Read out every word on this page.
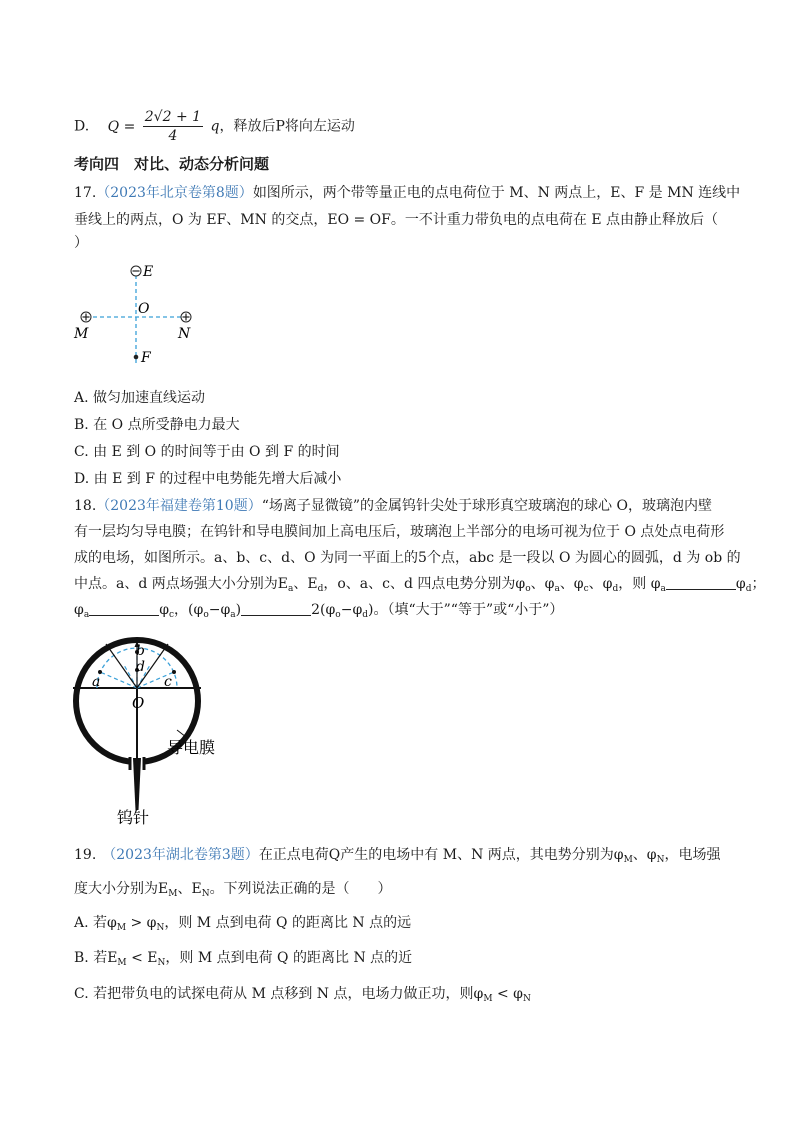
D. $Q = \frac{2√2 + 1}{4}$ q，释放后P将向左运动
考向四　对比、动态分析问题
17.（2023年北京卷第8题）如图所示，两个带等量正电的点电荷位于 M、N 两点上，E、F 是 MN 连线中
垂线上的两点，O 为 EF、MN 的交点，EO = OF。一不计重力带负电的点电荷在 E 点由静止释放后（
）
E
O
M	N
F
A. 做匀加速直线运动
B. 在 O 点所受静电力最大
C. 由 E 到 O 的时间等于由 O 到 F 的时间
D. 由 E 到 F 的过程中电势能先增大后减小
18.（2023年福建卷第10题）“场离子显微镜”的金属钨针尖处于球形真空玻璃泡的球心 O，玻璃泡内壁
有一层均匀导电膜；在钨针和导电膜间加上高电压后，玻璃泡上半部分的电场可视为位于 O 点处点电荷形
成的电场，如图所示。a、b、c、d、O 为同一平面上的5个点，abc 是一段以 O 为圆心的圆弧，d 为 ob 的
中点。a、d 两点场强大小分别为$E_a$、$E_d$，o、a、c、d 四点电势分别为$\varphi_o$、$\varphi_a$、$\varphi_c$、$\varphi_d$，则 $\varphi_a$	$\varphi_d$；
$\varphi_a$	$\varphi_c$，$(\varphi_o-\varphi_a)$	$2(\varphi_o-\varphi_d)$。（填“大于”“等于”或“小于”）
b
d
a	c
O
导电膜
钨针
19. （2023年湖北卷第3题）在正点电荷Q产生的电场中有 M、N 两点，其电势分别为$\varphi_M$、$\varphi_N$，电场强
度大小分别为$E_M$、$E_N$。下列说法正确的是（　　）
A. 若$\varphi_M > \varphi_N$，则 M 点到电荷 Q 的距离比 N 点的远
B. 若$E_M < E_N$，则 M 点到电荷 Q 的距离比 N 点的近
C. 若把带负电的试探电荷从 M 点移到 N 点，电场力做正功，则$\varphi_M < \varphi_N$
